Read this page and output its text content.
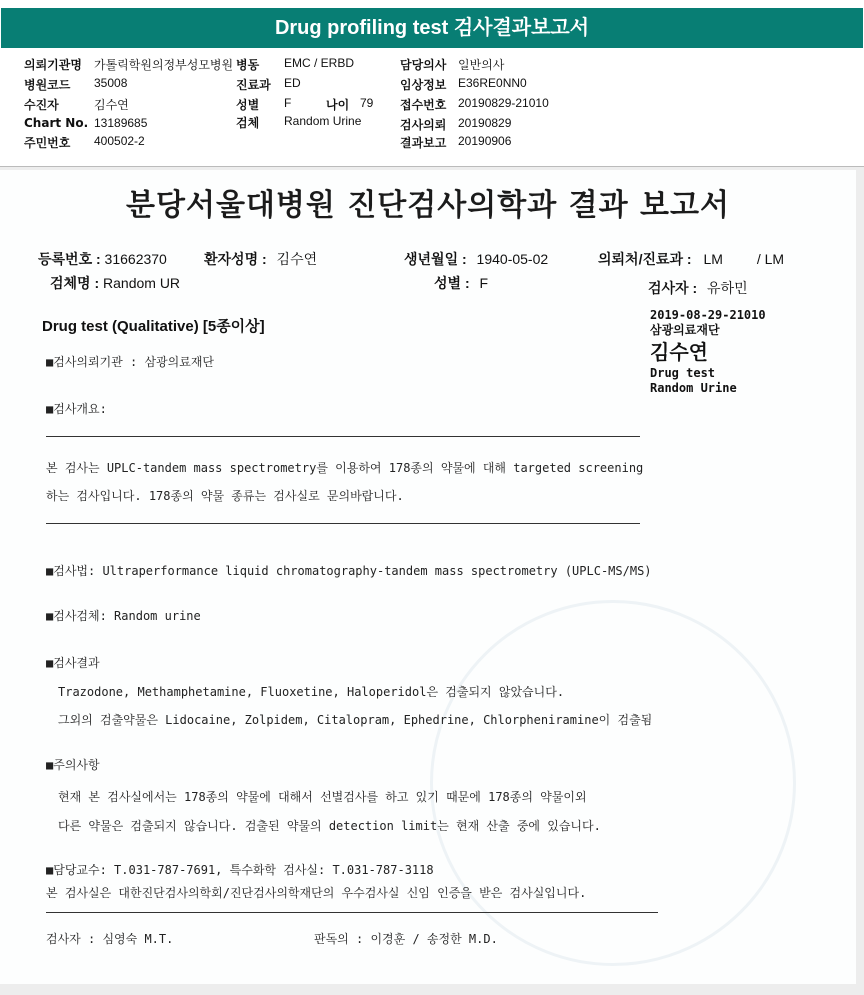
Drug profiling test 검사결과보고서
의뢰기관명 가톨릭학원의정부성모병원 병동 EMC / ERBD	담당의사 일반의사
병원코드 35008	진료과 ED	임상정보 E36RE0NN0
수진자	김수연	성별 F	나이 79 접수번호 20190829-21010
Chart No. 13189685	검체 Random Urine	검사의뢰 20190829
주민번호 400502-2	결과보고 20190906
분당서울대병원 진단검사의학과 결과 보고서
등록번호 : 31662370	환자성명 : 김수연	생년월일 : 1940-05-02	의뢰처/진료과 : LM / LM
검체명 : Random UR	성별 : F	검사자 : 유하민
Drug test (Qualitative) [5종이상]
2019-08-29-21010
삼광의료재단
김수연
Drug test
Random Urine
■검사의뢰기관 : 삼광의료재단
■검사개요:
본 검사는 UPLC-tandem mass spectrometry를 이용하여 178종의 약물에 대해 targeted screening
하는 검사입니다. 178종의 약물 종류는 검사실로 문의바랍니다.
■검사법: Ultraperformance liquid chromatography-tandem mass spectrometry (UPLC-MS/MS)
■검사검체: Random urine
■검사결과
Trazodone, Methamphetamine, Fluoxetine, Haloperidol은 검출되지 않았습니다.
그외의 검출약물은 Lidocaine, Zolpidem, Citalopram, Ephedrine, Chlorpheniramine이 검출됨
■주의사항
현재 본 검사실에서는 178종의 약물에 대해서 선별검사를 하고 있기 때문에 178종의 약물이외
다른 약물은 검출되지 않습니다. 검출된 약물의 detection limit는 현재 산출 중에 있습니다.
■담당교수: T.031-787-7691, 특수화학 검사실: T.031-787-3118
본 검사실은 대한진단검사의학회/진단검사의학재단의 우수검사실 신임 인증을 받은 검사실입니다.
검사자 : 심영숙 M.T.	판독의 : 이경훈 / 송정한 M.D.
